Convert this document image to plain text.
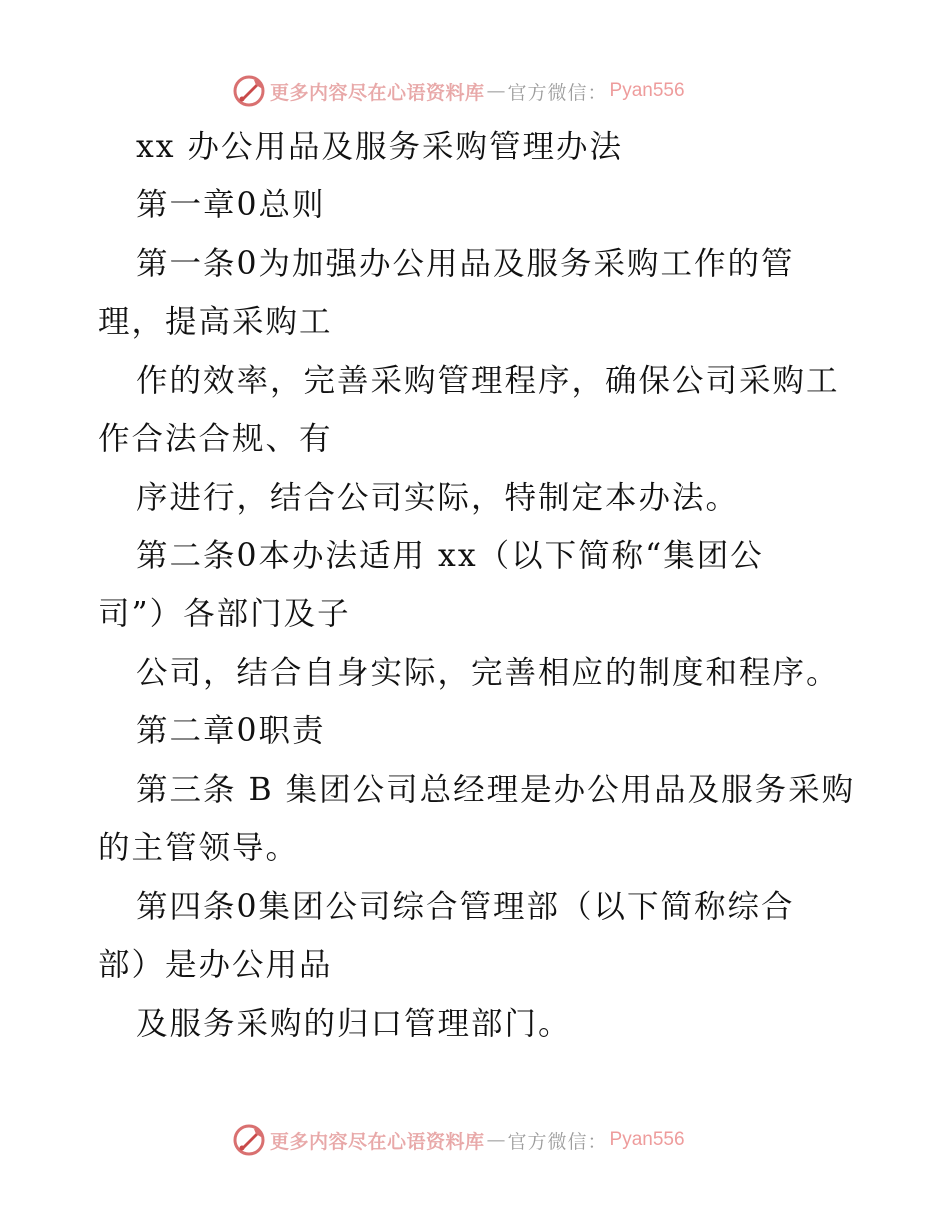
更多内容尽在心语资料库 — 官方微信： Pyan556
xx 办公用品及服务采购管理办法
第一章0总则
第一条0为加强办公用品及服务采购工作的管
理，提高采购工
作的效率，完善采购管理程序，确保公司采购工
作合法合规、有
序进行，结合公司实际，特制定本办法。
第二条0本办法适用 xx（以下简称“集团公
司”）各部门及子
公司，结合自身实际，完善相应的制度和程序。
第二章0职责
第三条 B 集团公司总经理是办公用品及服务采购
的主管领导。
第四条0集团公司综合管理部（以下简称综合
部）是办公用品
及服务采购的归口管理部门。
更多内容尽在心语资料库 — 官方微信： Pyan556
